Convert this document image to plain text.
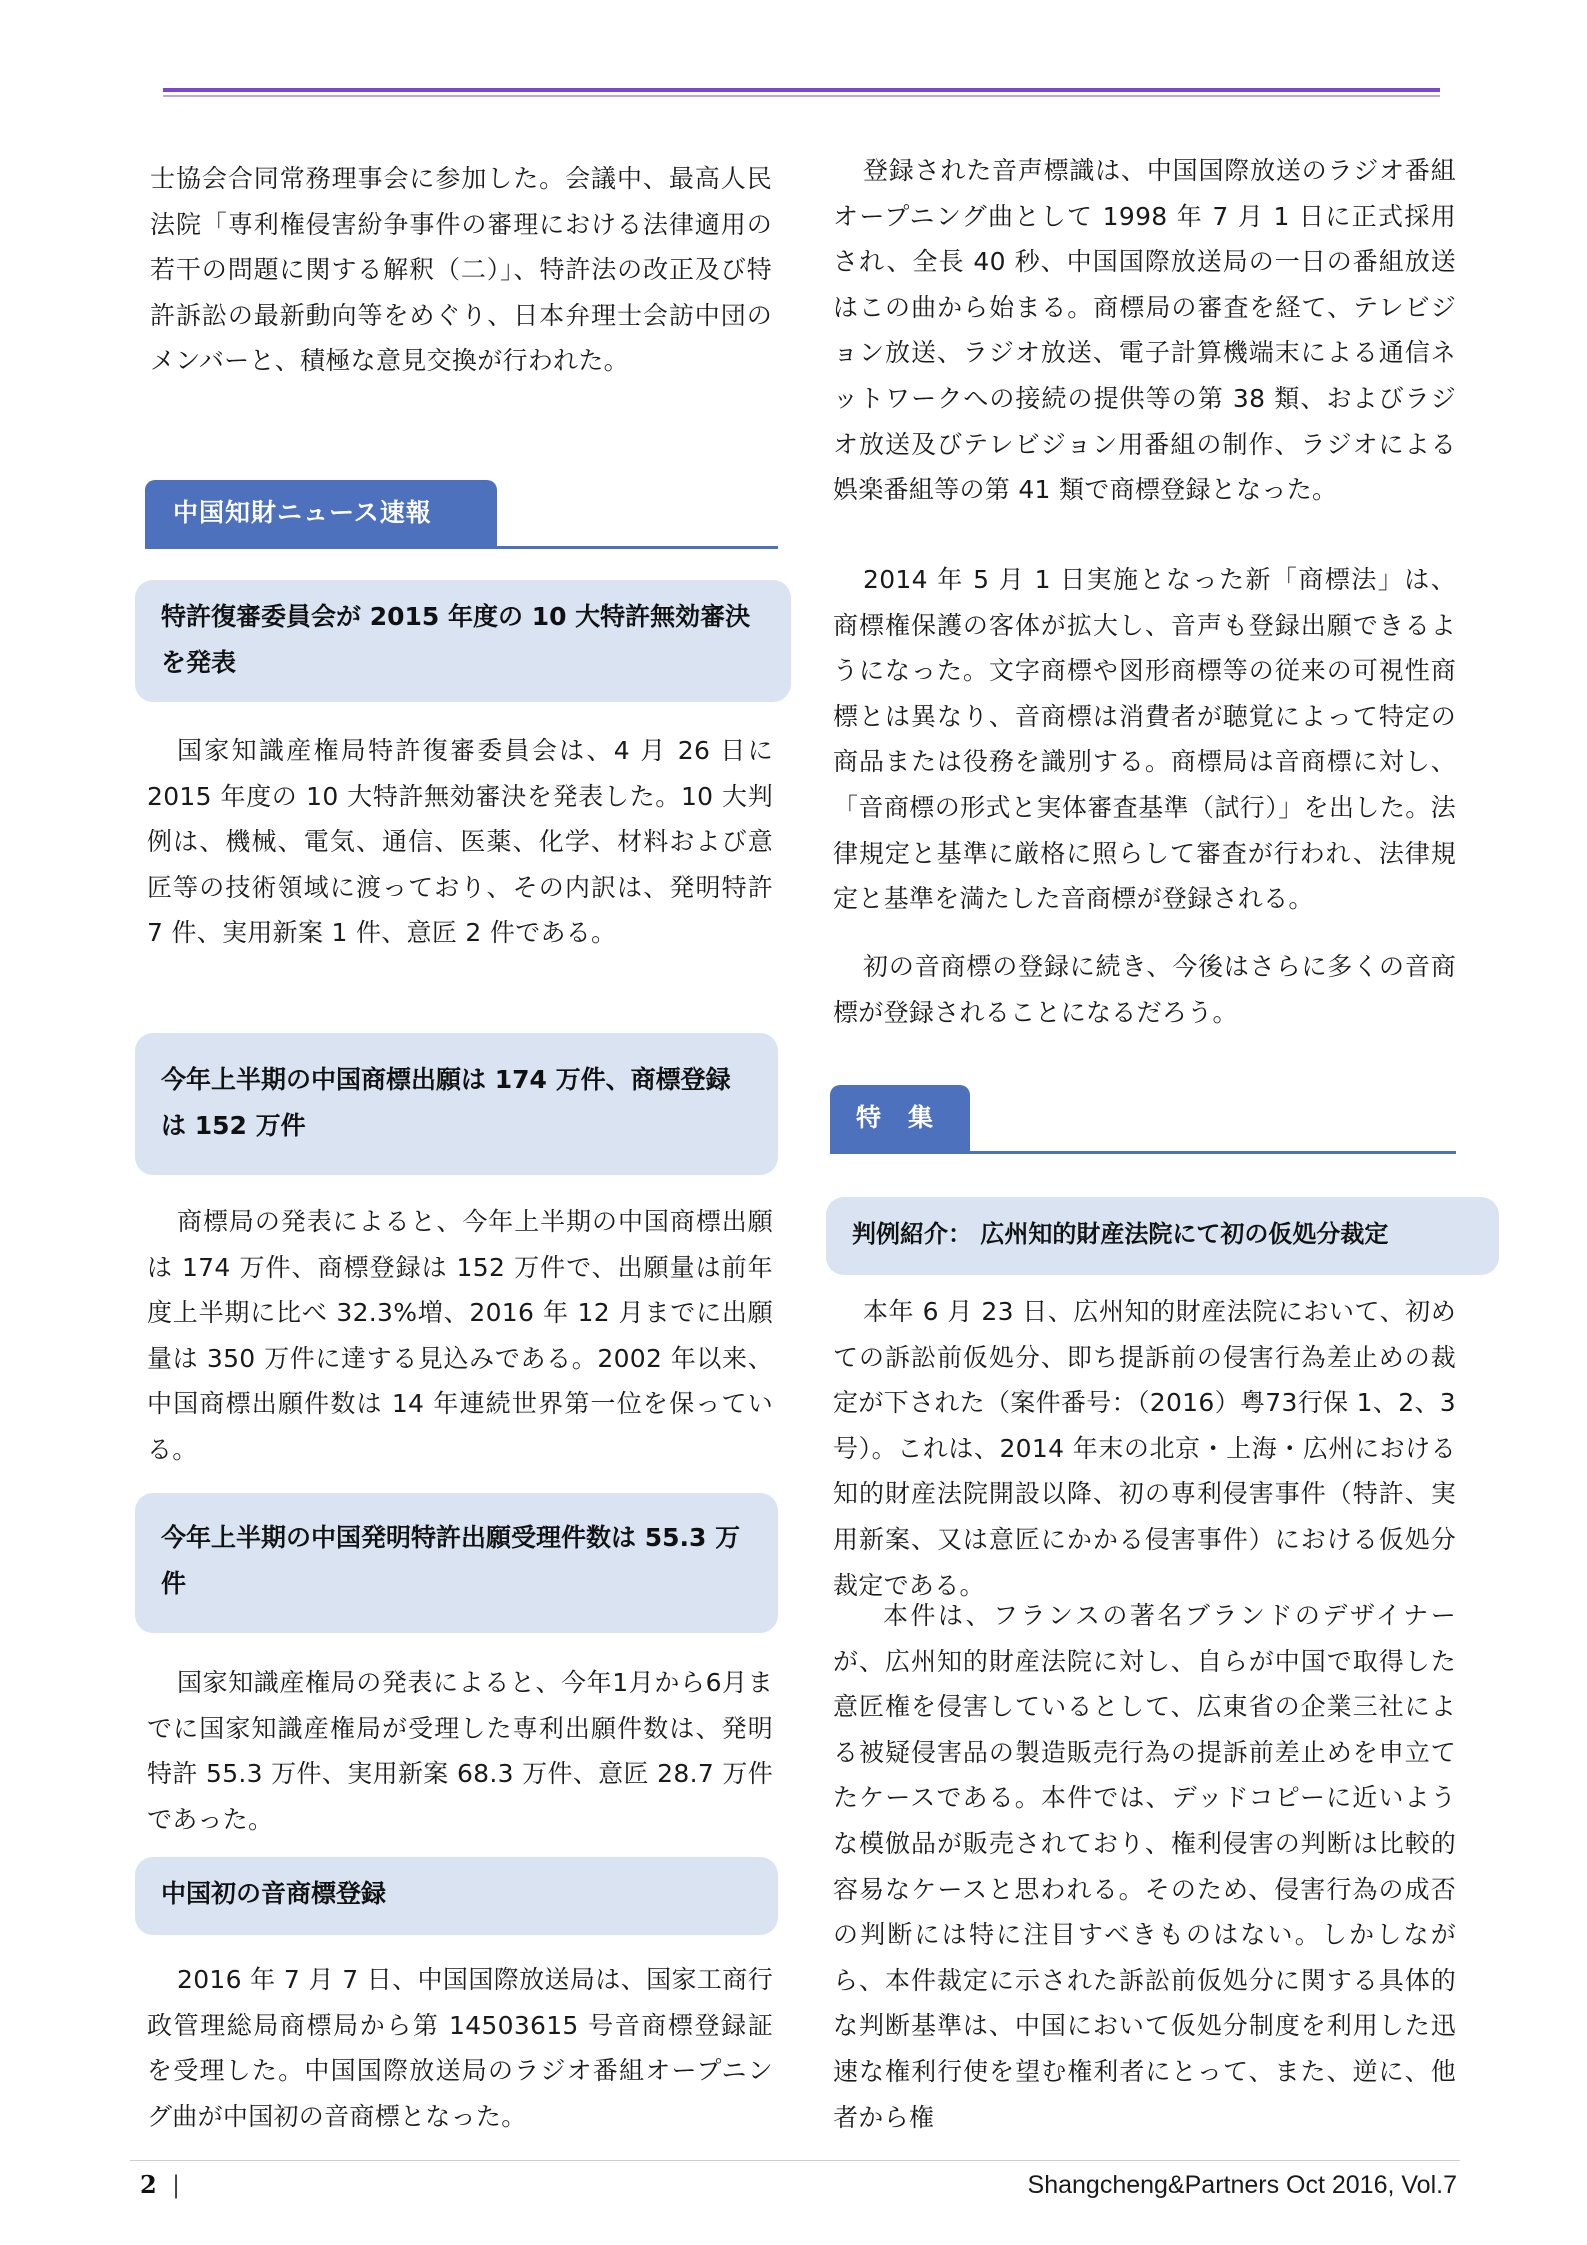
士協会合同常務理事会に参加した。会議中、最高人民法院「専利権侵害紛争事件の審理における法律適用の若干の問題に関する解釈（二）」、特許法の改正及び特許訴訟の最新動向等をめぐり、日本弁理士会訪中団のメンバーと、積極な意見交換が行われた。

中国知財ニュース速報
特許復審委員会が 2015 年度の 10 大特許無効審決を発表

国家知識産権局特許復審委員会は、4 月 26 日に 2015 年度の 10 大特許無効審決を発表した。10 大判例は、機械、電気、通信、医薬、化学、材料および意匠等の技術領域に渡っており、その内訳は、発明特許 7 件、実用新案 1 件、意匠 2 件である。

今年上半期の中国商標出願は 174 万件、商標登録は 152 万件

商標局の発表によると、今年上半期の中国商標出願は 174 万件、商標登録は 152 万件で、出願量は前年度上半期に比べ 32.3%増、2016 年 12 月までに出願量は 350 万件に達する見込みである。2002 年以来、中国商標出願件数は 14 年連続世界第一位を保っている。

今年上半期の中国発明特許出願受理件数は 55.3 万件

国家知識産権局の発表によると、今年1月から6月までに国家知識産権局が受理した専利出願件数は、発明特許 55.3 万件、実用新案 68.3 万件、意匠 28.7 万件であった。

中国初の音商標登録

2016 年 7 月 7 日、中国国際放送局は、国家工商行政管理総局商標局から第 14503615 号音商標登録証を受理した。中国国際放送局のラジオ番組オープニング曲が中国初の音商標となった。

登録された音声標識は、中国国際放送のラジオ番組オープニング曲として 1998 年 7 月 1 日に正式採用され、全長 40 秒、中国国際放送局の一日の番組放送はこの曲から始まる。商標局の審査を経て、テレビジョン放送、ラジオ放送、電子計算機端末による通信ネットワークへの接続の提供等の第 38 類、およびラジオ放送及びテレビジョン用番組の制作、ラジオによる娯楽番組等の第 41 類で商標登録となった。

2014 年 5 月 1 日実施となった新「商標法」は、商標権保護の客体が拡大し、音声も登録出願できるようになった。文字商標や図形商標等の従来の可視性商標とは異なり、音商標は消費者が聴覚によって特定の商品または役務を識別する。商標局は音商標に対し、「音商標の形式と実体審査基準（試行）」を出した。法律規定と基準に厳格に照らして審査が行われ、法律規定と基準を満たした音商標が登録される。

初の音商標の登録に続き、今後はさらに多くの音商標が登録されることになるだろう。

特　集
判例紹介： 広州知的財産法院にて初の仮処分裁定

本年 6 月 23 日、広州知的財産法院において、初めての訴訟前仮処分、即ち提訴前の侵害行為差止めの裁定が下された（案件番号：（2016）粤73行保 1、2、3 号）。これは、2014 年末の北京・上海・広州における知的財産法院開設以降、初の専利侵害事件（特許、実用新案、又は意匠にかかる侵害事件）における仮処分裁定である。

本件は、フランスの著名ブランドのデザイナーが、広州知的財産法院に対し、自らが中国で取得した意匠権を侵害しているとして、広東省の企業三社による被疑侵害品の製造販売行為の提訴前差止めを申立てたケースである。本件では、デッドコピーに近いような模倣品が販売されており、権利侵害の判断は比較的容易なケースと思われる。そのため、侵害行為の成否の判断には特に注目すべきものはない。しかしながら、本件裁定に示された訴訟前仮処分に関する具体的な判断基準は、中国において仮処分制度を利用した迅速な権利行使を望む権利者にとって、また、逆に、他者から権

2 |	Shangcheng&Partners Oct 2016, Vol.7
